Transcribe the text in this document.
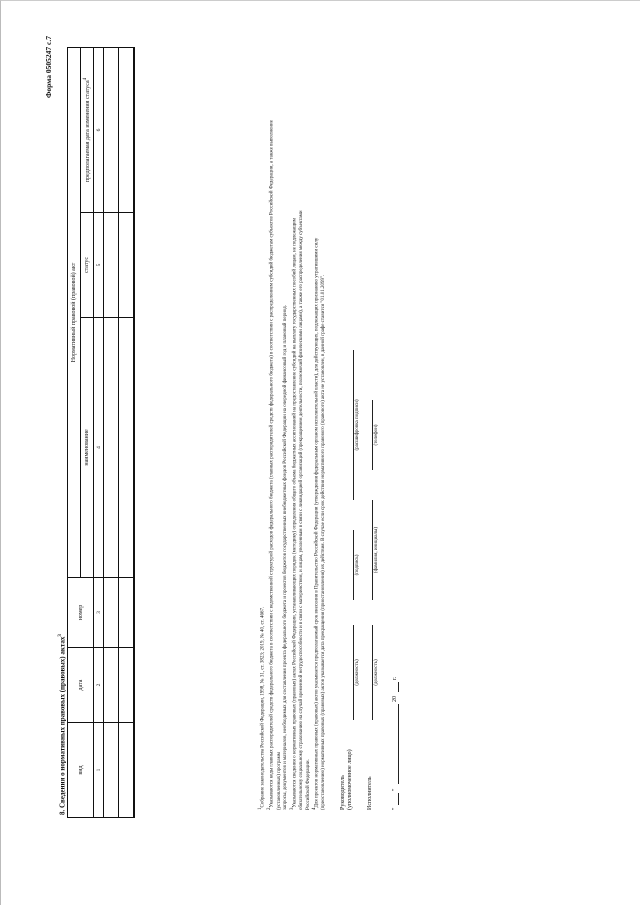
Форма 0505247 с.7
8. Сведения о нормативных правовых (правовых) актах$^3$
вид	дата	номер	Нормативный правовой (правовой) акт		
			наименование	статус	предполагаемая дата изменения статуса$^4$
1	2	3	4	5	6

$^1$Собрание законодательства Российской Федерации, 1998, № 31, ст. 3823; 2019, № 40, ст. 4667.

$^2$Указываются коды главных распорядителей средств федерального бюджета в соответствии с ведомственной структурой расходов федерального бюджета (главных распорядителей средств федерального бюджета) в соответствии с распределением субсидий бюджетам субъектов Российской Федерации, а также выполнение (установленных) программ запросы, документов и материалов, необходимых для составления проекта федерального бюджета и проектов бюджетов государственных внебюджетных фондов Российской Федерации на очередной финансовый год и плановый период. $^3$Указываются сведения о нормативных правовых (правовых) актах Российской Федерации, устанавливающих порядок (методику) определения общего объема бюджетных ассигнований на предоставление субсидий на выплату государственных пособий лицам, не подлежащим обязательному социальному страхованию на случай временной нетрудоспособности и в связи с материнством, и лицам, уволенным в связи с ликвидацией организаций (прекращением деятельности, полномочий физическими лицами), а также его распределения между субъектами Российской Федерации. $^4$Для проектов нормативных правовых (правовых) актов указывается предполагаемый срок внесения в Правительство Российской Федерации (утверждения федеральным органом исполнительной власти), для действующих, подлежащих признанию утратившими силу (приостановлению) нормативных правовых (правовых) актов указывается дата прекращения (приостановления) их действия. В случае если срок действия нормативного правового (правового) акта не установлен, в данной графе ставится "01.01.2099". Руководитель (уполномоченное лицо)
(должность)
(подпись)
(расшифровка подписи)
Исполнитель
(должность)
(фамилия, инициалы)
(телефон)
"
"
20
г.
